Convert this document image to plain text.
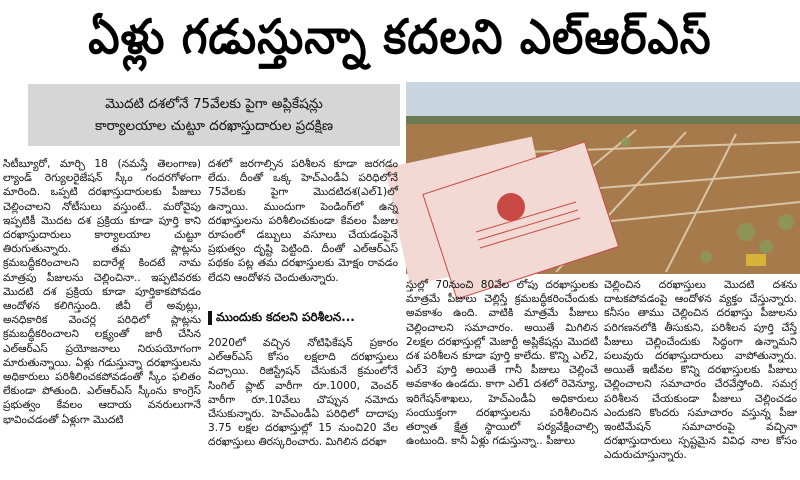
ఏళ్లు గడుస్తున్నా కదలని ఎల్‌ఆర్‌ఎస్
మొదటి దశలోనే 75వేలకు పైగా అప్లికేషన్లు
కార్యాలయాల చుట్టూ దరఖాస్తుదారుల ప్రదక్షిణ
సిటీబ్యూరో, మార్చి 18 (నమస్తే తెలంగాణ) ల్యాండ్ రెగ్యులరైజేషన్ స్కీం గందరగోళంగా మారింది. ఒప్పటి దరఖాస్తుదారులకు పీజులు చెల్లించాలని నోటీసులు వస్తుంటే.. మరోవైపు ఇప్పటికీ మొదట దశ ప్రక్రియ కూడా పూర్తి కాని దరఖాస్తుదారులు కార్యాలయాల చుట్టూ తిరుగుతున్నారు. తమ ప్లాట్లను క్రమబద్ధీకరించాలని ఐదారేళ్ల కిందటే నామ మాత్రపు పీజులను చెల్లించినా.. ఇప్పటివరకు మొదటి దశ ప్రక్రియ కూడా పూర్తికాకపోవడం ఆందోళన కలిగిస్తుంది. జీవీ లే అవుట్లు, అనధికారిక వెంచర్ల పరిధిలో ప్లాట్లను క్రమబద్ధీకరించాలని లక్ష్యంతో జారీ చేసిన ఎల్ఆర్ఎస్ ప్రయోజనాలు నిరుపయోగంగా మారుతున్నాయి. ఏళ్లు గడుస్తున్నా దరఖాస్తులను అధికారులు పరిశీలించకపోవడంతో స్కీం ఫలితం లేకుండా పోతుంది. ఎల్ఆర్ఎస్ స్కీంను కాంగ్రెస్ ప్రభుత్వం కేవలం ఆదాయ వనరులుగానే భావించడంతో ఏళ్లుగా మొదటి
దశలో జరగాల్సిన పరిశీలన కూడా జరగడం లేదు. దీంతో ఒక్క హెచ్ఎండీఏ పరిధిలోనే 75వేలకు పైగా మొదటిదశ(ఎల్1)లో ఉన్నాయి. ముందుగా పెండింగ్‌లో ఉన్న దరఖాస్తులను పరిశీలించకుండా కేవలం పీజుల రూపంలో డబ్బులు వసూలు చేయడంపైనే ప్రభుత్వం దృష్టి పెట్టింది. దీంతో ఎల్ఆర్ఎస్ పథకం పట్ల తమ దరఖాస్తులకు మోక్షం రావడం లేదని ఆందోళన చెందుతున్నారు.
ముందుకు కదలని పరిశీలన...
2020లో వచ్చిన నోటిఫికేషన్ ప్రకారం ఎల్ఆర్ఎస్ కోసం లక్షలాది దరఖాస్తులు వచ్చాయి. రిజిస్ట్రేషన్ చేసుకునే క్రమంలోనే సింగిల్ ప్లాట్ వారీగా రూ.1000, వెంచర్ వారీగా రూ.10వేలు చొప్పున నమోదు చేసుకున్నారు. హెచ్ఎండీఏ పరిధిలో దాదాపు 3.75 లక్షల దరఖాస్తుల్లో 15 నుంచి20 వేల దరఖాస్తులు తిరస్కరించారు. మిగిలిన దరఖా
స్తుల్లో 70నుంచి 80వేల లోపు దరఖాస్తులకు మాత్రమే పీజులు చెల్లిస్తే క్రమబద్ధీకరించేందుకు అవకాశం ఉంది. వాటికి మాత్రమే పీజులు చెల్లించాలని సమాచారం. అయితే మిగిలిన 2లక్షల దరఖాస్తుల్లో మెజార్టీ అప్లికేషన్లు మొదటి దశ పరిశీలన కూడా పూర్తి కాలేదు. కొన్ని ఎల్2, ఎల్3 పూర్తి అయితే గానీ పీజులు చెల్లించే అవకాశం ఉండదు. కాగా ఎల్1 దశలో రెవెన్యూ, ఇరిగేషన్‌శాఖలు, హెచ్ఎండీఏ అధికారులు సంయుక్తంగా దరఖాస్తులను పరిశీలించిన తర్వాత క్షేత్ర స్థాయిలో పర్యవేక్షించాల్సి ఉంటుంది. కానీ ఏళ్లు గడుస్తున్నా.. పీజులు
చెల్లించిన దరఖాస్తులు మొదటి దశను దాటకపోవడంపై ఆందోళన వ్యక్తం చేస్తున్నారు. కనీసం తాము చెల్లించిన దరఖాస్తు పీజులను పరిగణనలోకి తీసుకుని, పరిశీలన పూర్తి చేస్తే పీజులు చెల్లించేందుకు సిద్ధంగా ఉన్నామని పలువురు దరఖాస్తుదారులు వాపోతున్నారు. అయితే ఇటీవల కొన్ని దరఖాస్తులకు పీజులు చెల్లించాలని సమాచారం చేరవేస్తోంది. సమగ్ర పరిశీలన చేయకుండా పీజులు చెల్లించడం ఎందుకని కొందరు సమాచారం వస్తున్న పీజు ఇంటిమేషన్ సమాచారంపై వచ్చినా దరఖాస్తుదారులు స్పష్టమైన వివిధ నాల కోసం ఎదురుచూస్తున్నారు.
